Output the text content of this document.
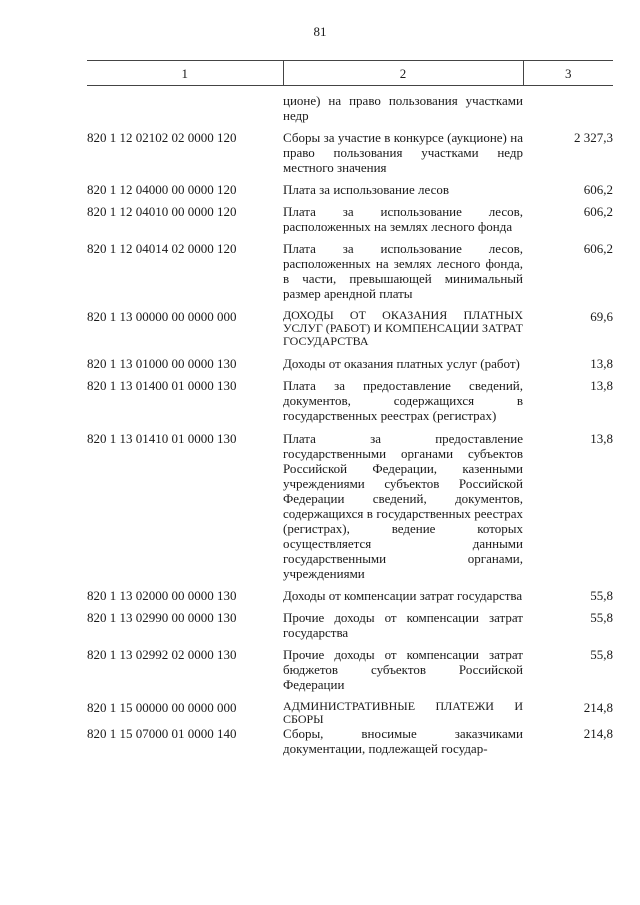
81
1	2	3
	ционе) на право пользования участками недр	
820 1 12 02102 02 0000 120	Сборы за участие в конкурсе (аукционе) на право пользования участками недр местного значения	2 327,3
820 1 12 04000 00 0000 120	Плата за использование лесов	606,2
820 1 12 04010 00 0000 120	Плата за использование лесов, расположенных на землях лесного фонда	606,2
820 1 12 04014 02 0000 120	Плата за использование лесов, расположенных на землях лесного фонда, в части, превышающей минимальный размер арендной платы	606,2
820 1 13 00000 00 0000 000	ДОХОДЫ ОТ ОКАЗАНИЯ ПЛАТНЫХ УСЛУГ (РАБОТ) И КОМПЕНСАЦИИ ЗАТРАТ ГОСУДАРСТВА	69,6
820 1 13 01000 00 0000 130	Доходы от оказания платных услуг (работ)	13,8
820 1 13 01400 01 0000 130	Плата за предоставление сведений, документов, содержащихся в государственных реестрах (регистрах)	13,8
820 1 13 01410 01 0000 130	Плата за предоставление государственными органами субъектов Российской Федерации, казенными учреждениями субъектов Российской Федерации сведений, документов, содержащихся в государственных реестрах (регистрах), ведение которых осуществляется данными государственными органами, учреждениями	13,8
820 1 13 02000 00 0000 130	Доходы от компенсации затрат государства	55,8
820 1 13 02990 00 0000 130	Прочие доходы от компенсации затрат государства	55,8
820 1 13 02992 02 0000 130	Прочие доходы от компенсации затрат бюджетов субъектов Российской Федерации	55,8
820 1 15 00000 00 0000 000	АДМИНИСТРАТИВНЫЕ ПЛАТЕЖИ И СБОРЫ	214,8
820 1 15 07000 01 0000 140	Сборы, вносимые заказчиками документации, подлежащей государ-	214,8
